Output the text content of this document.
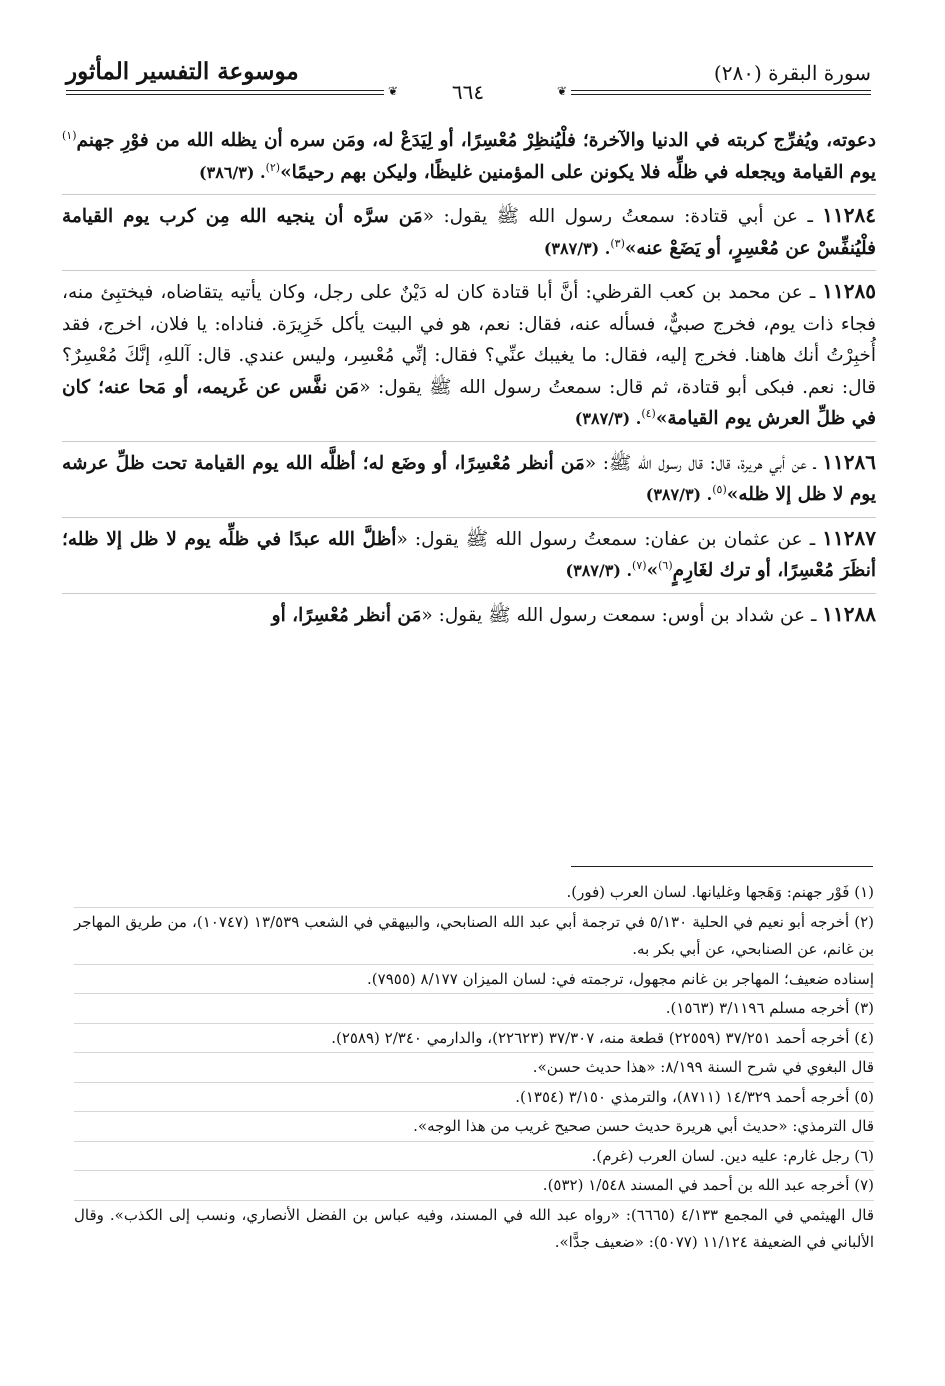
موسوعة التفسير المأثور	سورة البقرة (٢٨٠)
❦
٦٦٤
❦

دعوته، ويُفرِّج كربته في الدنيا والآخرة؛ فلْيُنظِرْ مُعْسِرًا، أو لِيَدَعْ له، ومَن سره أن يظله الله من فوْرِ جهنم$^{(١)}$ يوم القيامة ويجعله في ظلِّه فلا يكونن على المؤمنين غليظًا، وليكن بهم رحيمًا»$^{(٢)}$. (٣٨٦/٣)

١١٢٨٤ ـ عن أبي قتادة: سمعتُ رسول الله ﷺ يقول: «مَن سرَّه أن ينجيه الله مِن كرب يوم القيامة فلْيُنفِّسْ عن مُعْسِرٍ، أو يَضَعْ عنه»$^{(٣)}$. (٣٨٧/٣)

١١٢٨٥ ـ عن محمد بن كعب القرظي: أنَّ أبا قتادة كان له دَيْنٌ على رجل، وكان يأتيه يتقاضاه، فيختبِئ منه، فجاء ذات يوم، فخرج صبيٌّ، فسأله عنه، فقال: نعم، هو في البيت يأكل خَزِيرَة. فناداه: يا فلان، اخرج، فقد أُخبِرْتُ أنك هاهنا. فخرج إليه، فقال: ما يغيبك عنِّي؟ فقال: إنِّي مُعْسِر، وليس عندي. قال: آللهِ، إنَّكَ مُعْسِرٌ؟ قال: نعم. فبكى أبو قتادة، ثم قال: سمعتُ رسول الله ﷺ يقول: «مَن نفَّس عن غَريمه، أو مَحا عنه؛ كان في ظلِّ العرش يوم القيامة»$^{(٤)}$. (٣٨٧/٣)

١١٢٨٦ ـ عن أبي هريرة، قال: قال رسول الله ﷺ: «مَن أنظر مُعْسِرًا، أو وضَع له؛ أظلَّه الله يوم القيامة تحت ظلِّ عرشه يوم لا ظل إلا ظله»$^{(٥)}$. (٣٨٧/٣)

١١٢٨٧ ـ عن عثمان بن عفان: سمعتُ رسول الله ﷺ يقول: «أظلَّ الله عبدًا في ظلِّه يوم لا ظل إلا ظله؛ أنظَرَ مُعْسِرًا، أو ترك لغَارِمٍ$^{(٦)}$»$^{(٧)}$. (٣٨٧/٣)

١١٢٨٨ ـ عن شداد بن أوس: سمعت رسول الله ﷺ يقول: «مَن أنظر مُعْسِرًا، أو

(١) فَوْر جهنم: وَهَجها وغليانها. لسان العرب (فور).

(٢) أخرجه أبو نعيم في الحلية ٥/١٣٠ في ترجمة أبي عبد الله الصنابحي، والبيهقي في الشعب ١٣/٥٣٩ (١٠٧٤٧)، من طريق المهاجر بن غانم، عن الصنابحي، عن أبي بكر به.

إسناده ضعيف؛ المهاجر بن غانم مجهول، ترجمته في: لسان الميزان ٨/١٧٧ (٧٩٥٥).

(٣) أخرجه مسلم ٣/١١٩٦ (١٥٦٣).

(٤) أخرجه أحمد ٣٧/٢٥١ (٢٢٥٥٩) قطعة منه، ٣٧/٣٠٧ (٢٢٦٢٣)، والدارمي ٢/٣٤٠ (٢٥٨٩).

قال البغوي في شرح السنة ٨/١٩٩: «هذا حديث حسن».

(٥) أخرجه أحمد ١٤/٣٢٩ (٨٧١١)، والترمذي ٣/١٥٠ (١٣٥٤).

قال الترمذي: «حديث أبي هريرة حديث حسن صحيح غريب من هذا الوجه».

(٦) رجل غارم: عليه دين. لسان العرب (غرم).

(٧) أخرجه عبد الله بن أحمد في المسند ١/٥٤٨ (٥٣٢).

قال الهيثمي في المجمع ٤/١٣٣ (٦٦٦٥): «رواه عبد الله في المسند، وفيه عباس بن الفضل الأنصاري، ونسب إلى الكذب». وقال الألباني في الضعيفة ١١/١٢٤ (٥٠٧٧): «ضعيف جدًّا».
